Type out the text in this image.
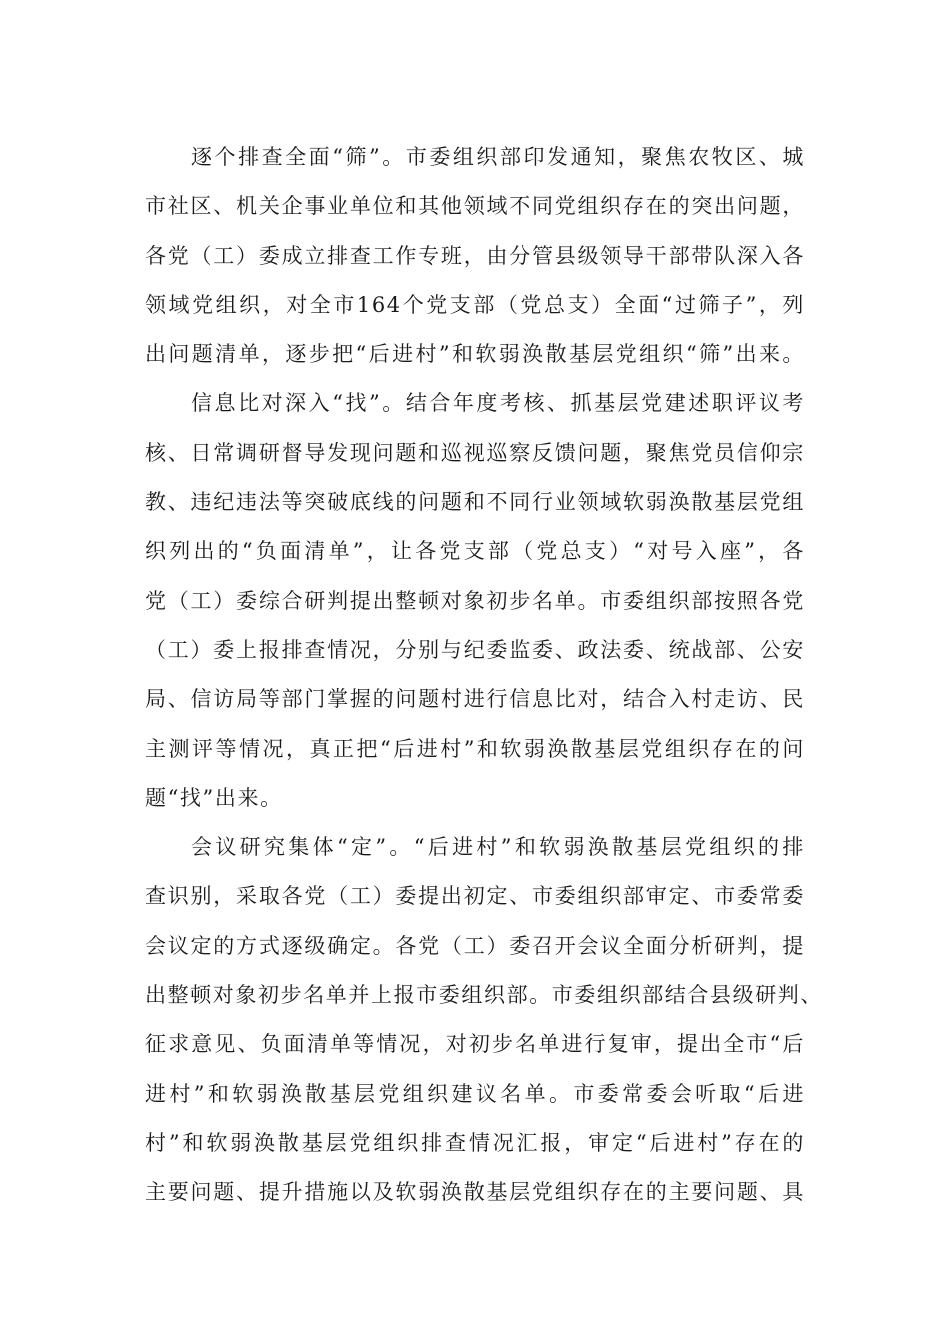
逐个排查全面“筛”。市委组织部印发通知，聚焦农牧区、城
市社区、机关企事业单位和其他领域不同党组织存在的突出问题，
各党（工）委成立排查工作专班，由分管县级领导干部带队深入各
领域党组织，对全市164个党支部（党总支）全面“过筛子”，列
出问题清单，逐步把“后进村”和软弱涣散基层党组织“筛”出来。
信息比对深入“找”。结合年度考核、抓基层党建述职评议考
核、日常调研督导发现问题和巡视巡察反馈问题，聚焦党员信仰宗
教、违纪违法等突破底线的问题和不同行业领域软弱涣散基层党组
织列出的“负面清单”，让各党支部（党总支）“对号入座”，各
党（工）委综合研判提出整顿对象初步名单。市委组织部按照各党
（工）委上报排查情况，分别与纪委监委、政法委、统战部、公安
局、信访局等部门掌握的问题村进行信息比对，结合入村走访、民
主测评等情况，真正把“后进村”和软弱涣散基层党组织存在的问
题“找”出来。
会议研究集体“定”。“后进村”和软弱涣散基层党组织的排
查识别，采取各党（工）委提出初定、市委组织部审定、市委常委
会议定的方式逐级确定。各党（工）委召开会议全面分析研判，提
出整顿对象初步名单并上报市委组织部。市委组织部结合县级研判、
征求意见、负面清单等情况，对初步名单进行复审，提出全市“后
进村”和软弱涣散基层党组织建议名单。市委常委会听取“后进
村”和软弱涣散基层党组织排查情况汇报，审定“后进村”存在的
主要问题、提升措施以及软弱涣散基层党组织存在的主要问题、具
